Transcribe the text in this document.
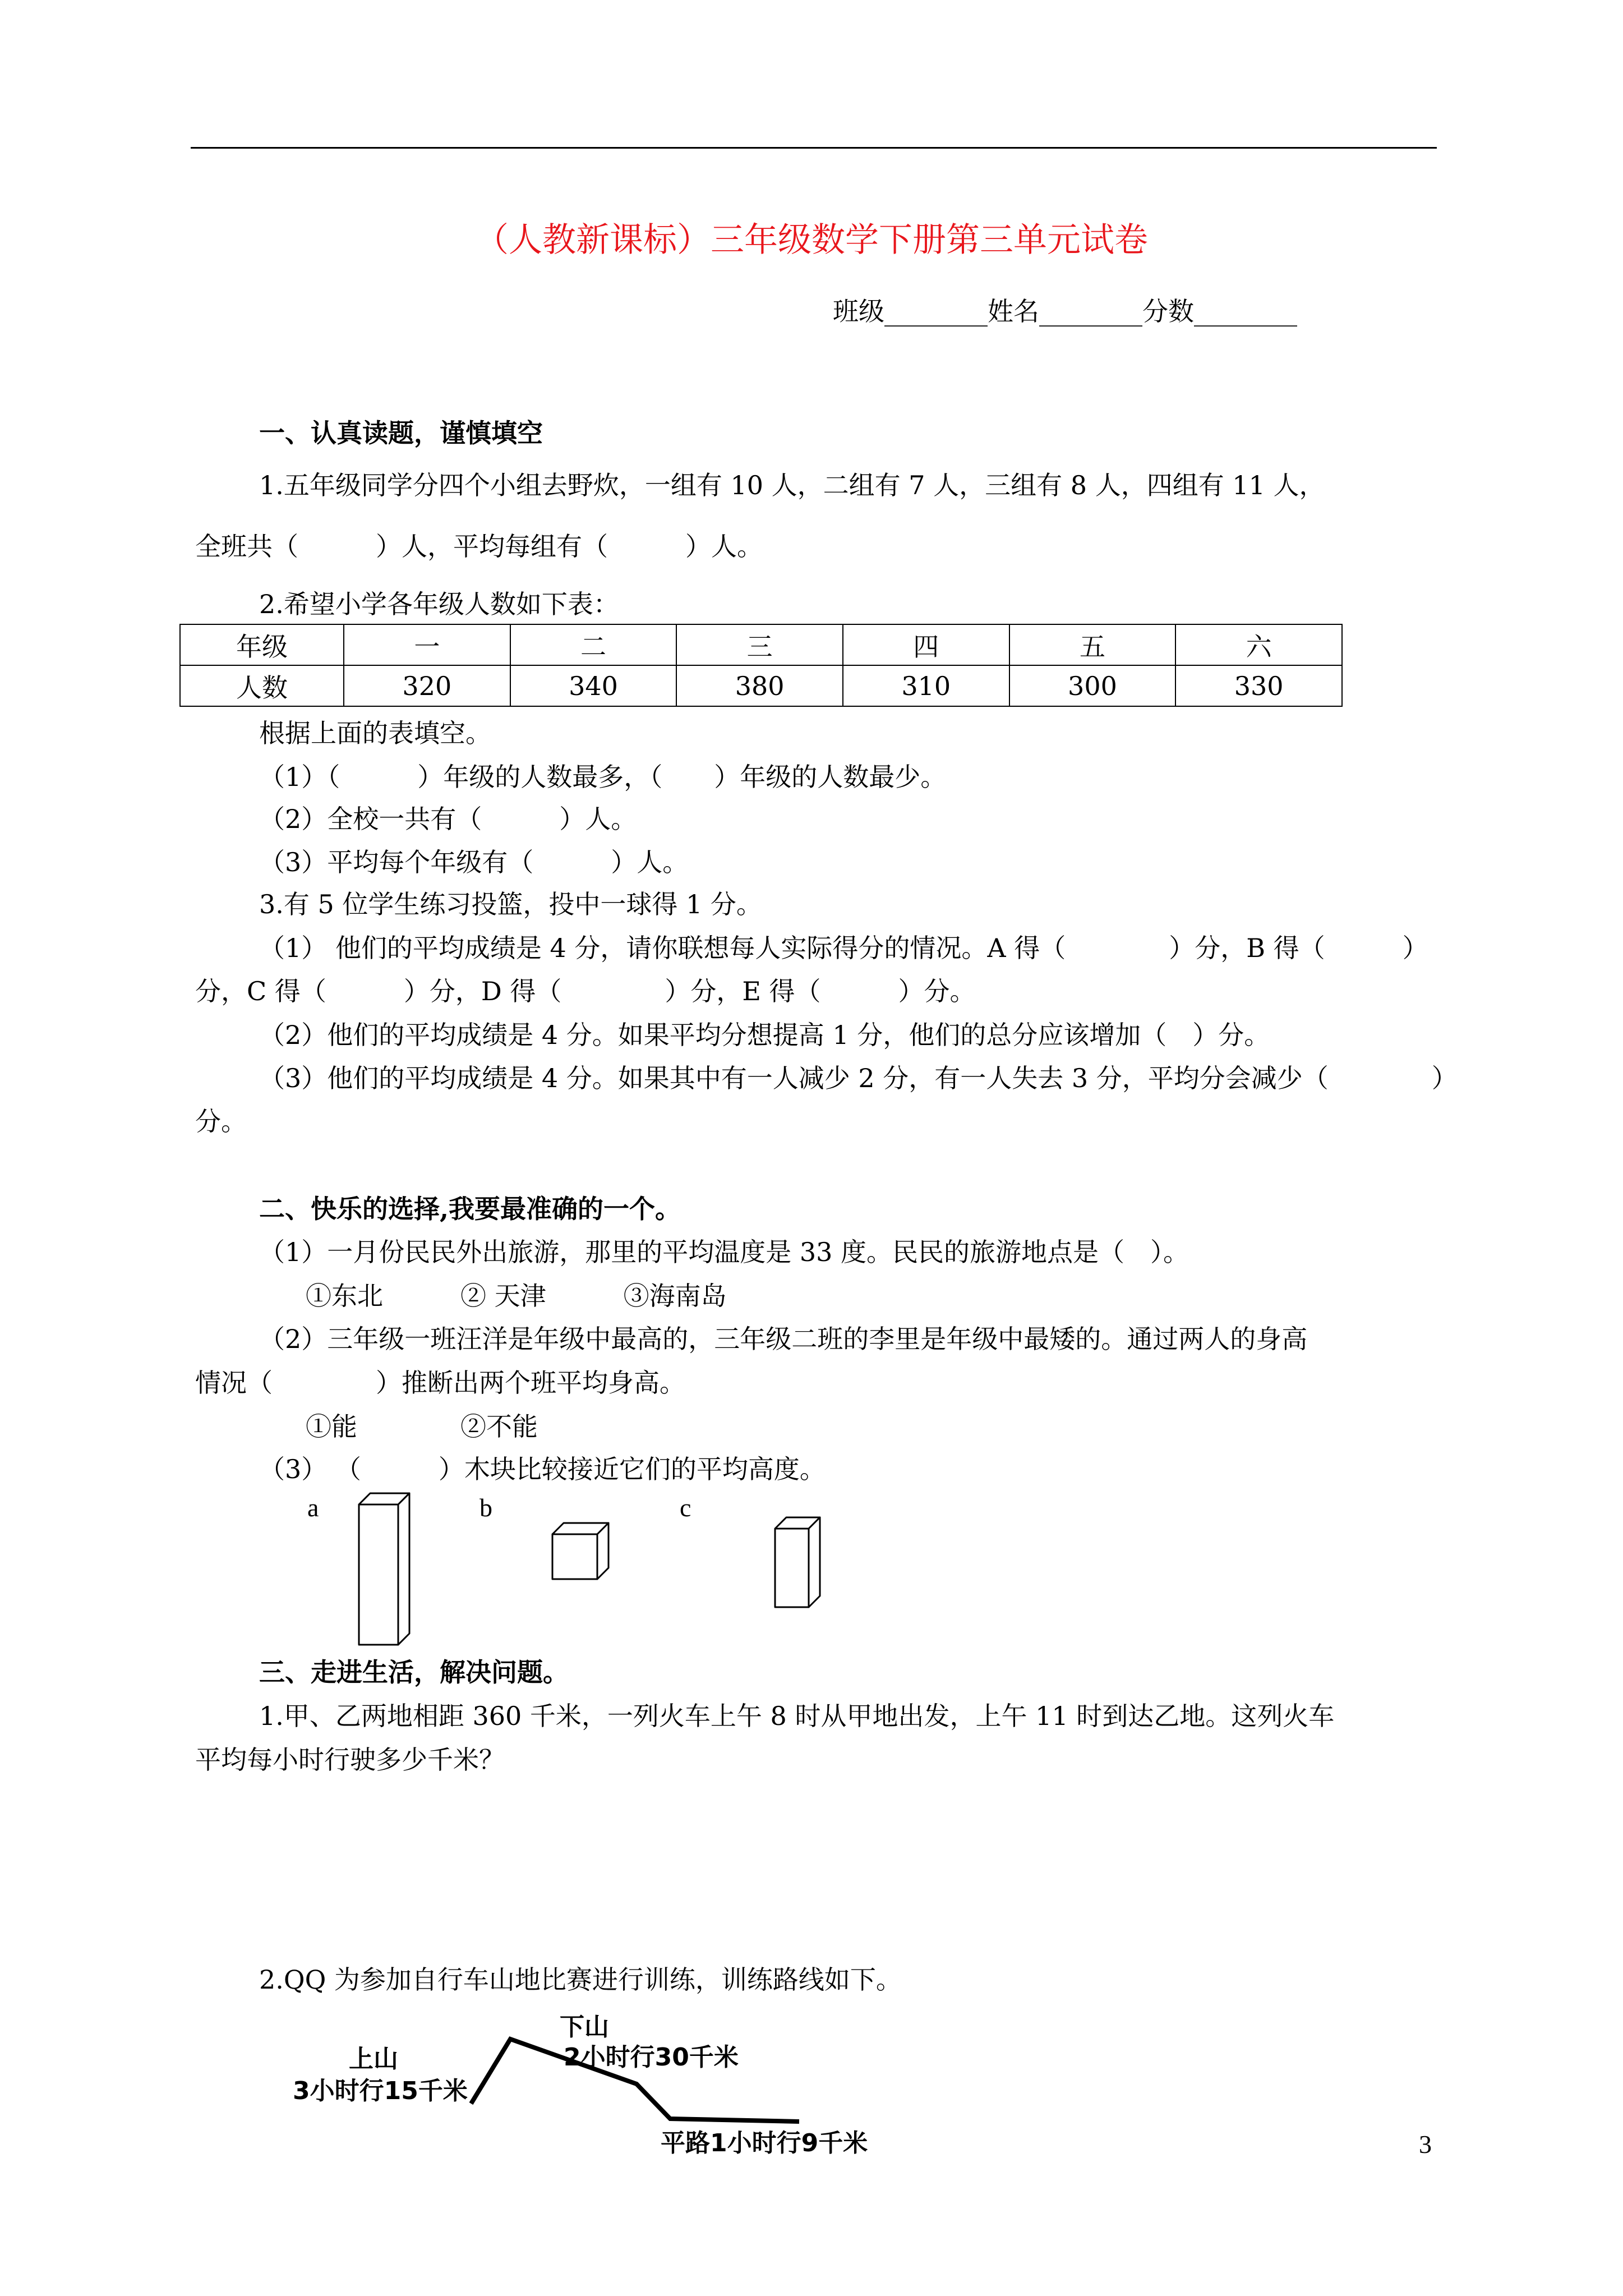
（人教新课标）三年级数学下册第三单元试卷
班级________姓名________分数________
一、认真读题，谨慎填空
1.五年级同学分四个小组去野炊，一组有 10 人，二组有 7 人，三组有 8 人，四组有 11 人，
全班共（　　　）人，平均每组有（　　　）人。
2.希望小学各年级人数如下表：
年级	一	二	三	四	五	六
人数	320	340	380	310	300	330
根据上面的表填空。
（1）（　　　）年级的人数最多，（　　）年级的人数最少。
（2）全校一共有（　　　）人。
（3）平均每个年级有（　　　）人。
3.有 5 位学生练习投篮，投中一球得 1 分。
（1） 他们的平均成绩是 4 分，请你联想每人实际得分的情况。A 得（　　　　）分，B 得（　　　）
分，C 得（　　　）分，D 得（　　　　）分，E 得（　　　）分。
（2）他们的平均成绩是 4 分。如果平均分想提高 1 分，他们的总分应该增加（　）分。
（3）他们的平均成绩是 4 分。如果其中有一人减少 2 分，有一人失去 3 分，平均分会减少（　　　　）
分。
二、快乐的选择,我要最准确的一个。
（1）一月份民民外出旅游，那里的平均温度是 33 度。民民的旅游地点是（　）。
①东北　　　② 天津　　　③海南岛
（2）三年级一班汪洋是年级中最高的，三年级二班的李里是年级中最矮的。通过两人的身高
情况（　　　　）推断出两个班平均身高。
①能　　　　②不能
（3） （　　　）木块比较接近它们的平均高度。
a	b	c
三、走进生活，解决问题。
1.甲、乙两地相距 360 千米，一列火车上午 8 时从甲地出发，上午 11 时到达乙地。这列火车
平均每小时行驶多少千米？
2.QQ 为参加自行车山地比赛进行训练，训练路线如下。
上山
3小时行15千米
下山
2小时行30千米
平路1小时行9千米	3
